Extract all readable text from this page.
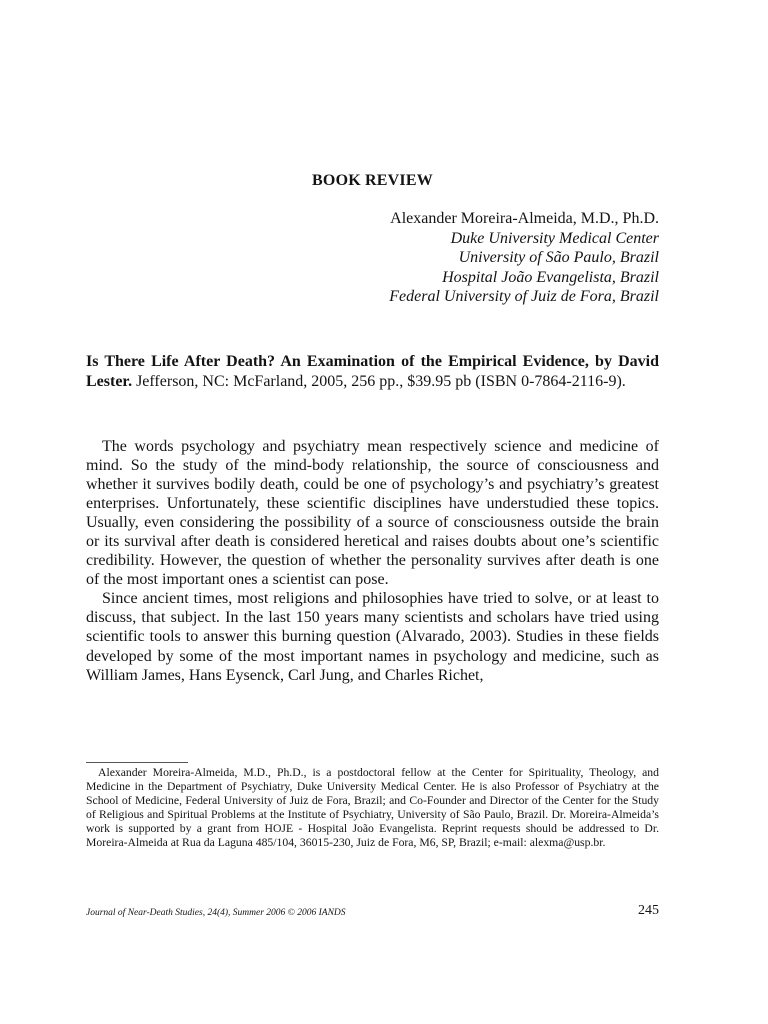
BOOK REVIEW
Alexander Moreira-Almeida, M.D., Ph.D.
Duke University Medical Center
University of São Paulo, Brazil
Hospital João Evangelista, Brazil
Federal University of Juiz de Fora, Brazil
Is There Life After Death? An Examination of the Empirical Evidence, by David Lester. Jefferson, NC: McFarland, 2005, 256 pp., $39.95 pb (ISBN 0-7864-2116-9).

The words psychology and psychiatry mean respectively science and medicine of mind. So the study of the mind-body relationship, the source of consciousness and whether it survives bodily death, could be one of psychology’s and psychiatry’s greatest enterprises. Unfortunately, these scientific disciplines have understudied these topics. Usually, even considering the possibility of a source of consciousness outside the brain or its survival after death is considered heretical and raises doubts about one’s scientific credibility. However, the question of whether the personality survives after death is one of the most important ones a scientist can pose.

Since ancient times, most religions and philosophies have tried to solve, or at least to discuss, that subject. In the last 150 years many scientists and scholars have tried using scientific tools to answer this burning question (Alvarado, 2003). Studies in these fields developed by some of the most important names in psychology and medicine, such as William James, Hans Eysenck, Carl Jung, and Charles Richet,

Alexander Moreira-Almeida, M.D., Ph.D., is a postdoctoral fellow at the Center for Spirituality, Theology, and Medicine in the Department of Psychiatry, Duke University Medical Center. He is also Professor of Psychiatry at the School of Medicine, Federal University of Juiz de Fora, Brazil; and Co-Founder and Director of the Center for the Study of Religious and Spiritual Problems at the Institute of Psychiatry, University of São Paulo, Brazil. Dr. Moreira-Almeida’s work is supported by a grant from HOJE - Hospital João Evangelista. Reprint requests should be addressed to Dr. Moreira-Almeida at Rua da Laguna 485/104, 36015-230, Juiz de Fora, M6, SP, Brazil; e-mail: alexma@usp.br.
Journal of Near-Death Studies, 24(4), Summer 2006 © 2006 IANDS	245
